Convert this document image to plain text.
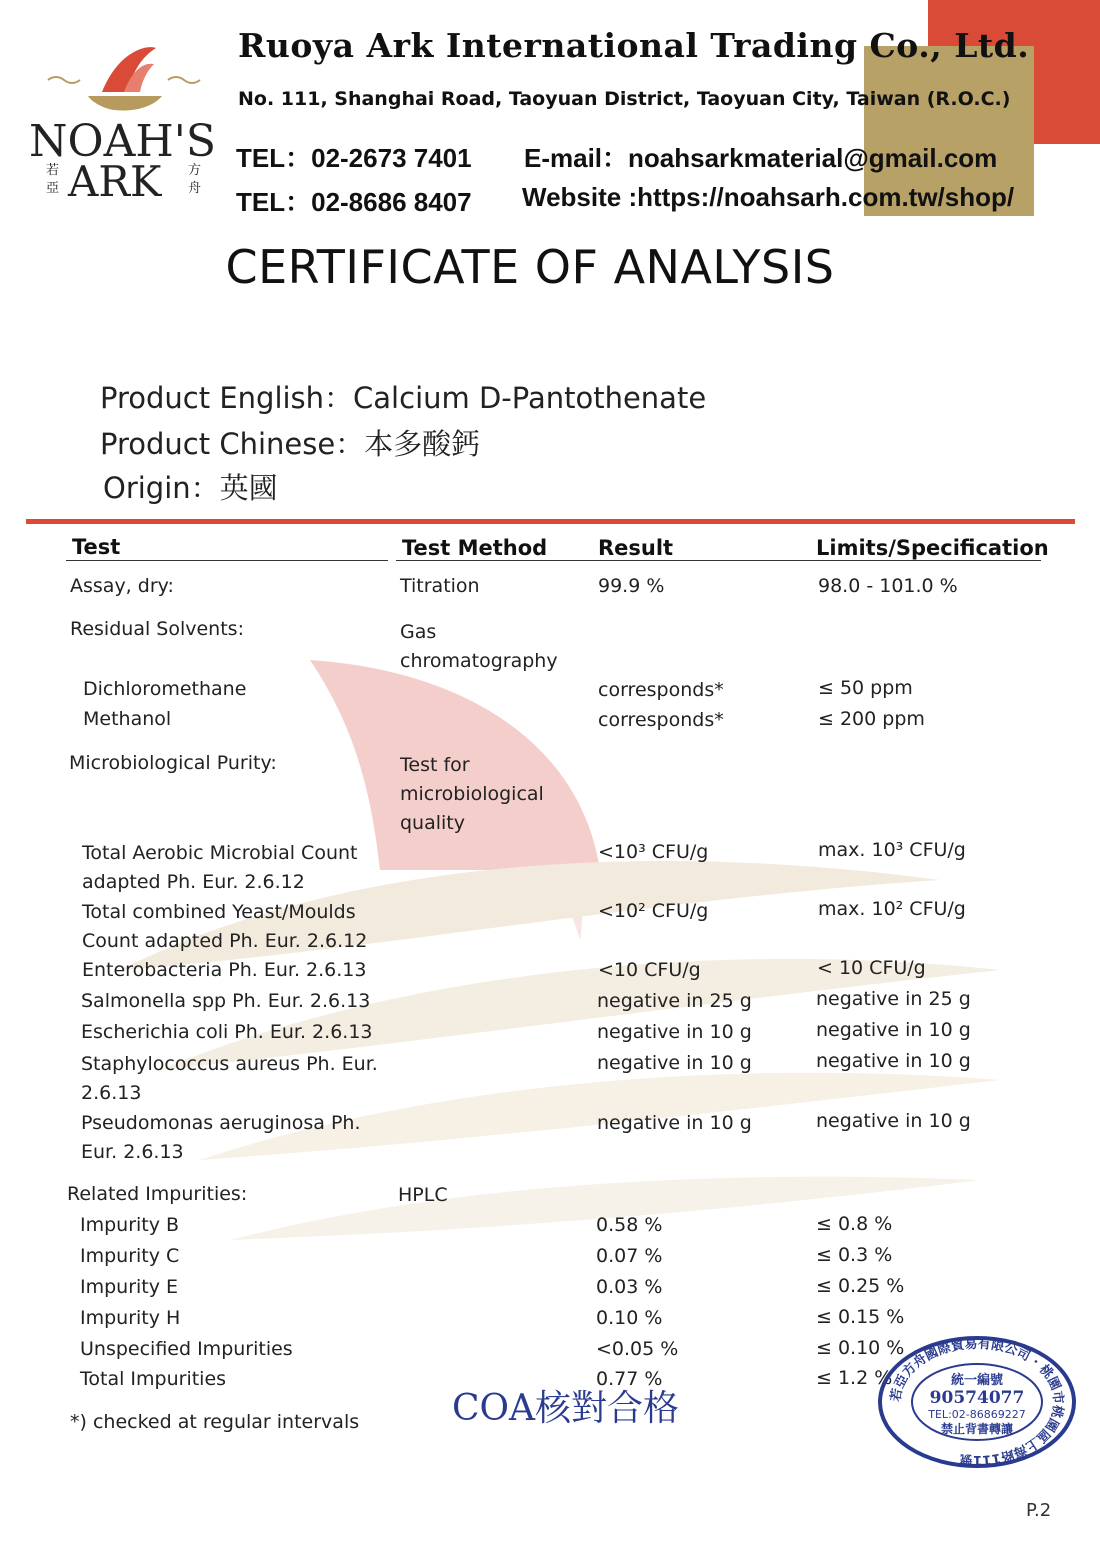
NOAH'S
若
亞 ARK 方
舟
Ruoya Ark International Trading Co., Ltd.
No. 111, Shanghai Road, Taoyuan District, Taoyuan City, Taiwan (R.O.C.)
TEL：02-2673 7401
TEL：02-8686 8407
E-mail：noahsarkmaterial@gmail.com
Website :https://noahsarh.com.tw/shop/
CERTIFICATE OF ANALYSIS
Product English：Calcium D-Pantothenate
Product Chinese：本多酸鈣
Origin：英國
Test	Test Method Result	Limits/Specification
Assay, dry:	Titration	99.9 %	98.0 - 101.0 %
Residual Solvents:	Gas chromatography
Dichloromethane	corresponds*	≤ 50 ppm
Methanol	corresponds*	≤ 200 ppm
Microbiological Purity:	Test for microbiological quality
Total Aerobic Microbial Count adapted Ph. Eur. 2.6.12
<10³ CFU/g	max. 10³ CFU/g
Total combined Yeast/Moulds Count adapted Ph. Eur. 2.6.12
<10² CFU/g	max. 10² CFU/g
Enterobacteria Ph. Eur. 2.6.13	<10 CFU/g	< 10 CFU/g
Salmonella spp Ph. Eur. 2.6.13	negative in 25 g	negative in 25 g
Escherichia coli Ph. Eur. 2.6.13	negative in 10 g	negative in 10 g
Staphylococcus aureus Ph. Eur. 2.6.13
negative in 10 g	negative in 10 g
Pseudomonas aeruginosa Ph. Eur. 2.6.13
negative in 10 g	negative in 10 g
Related Impurities:	HPLC
Impurity B	0.58 %	≤ 0.8 %
Impurity C	0.07 %	≤ 0.3 %
Impurity E	0.03 %	≤ 0.25 %
Impurity H	0.10 %	≤ 0.15 %
Unspecified Impurities	<0.05 %	≤ 0.10 %
Total Impurities	0.77 %	≤ 1.2 %
*) checked at regular intervals	COA核對合格	若亞方舟國際貿易有限公司 · 桃園市桃園區上海路111號
統一編號
90574077
TEL:02-86869227
禁止背書轉讓
P.2
